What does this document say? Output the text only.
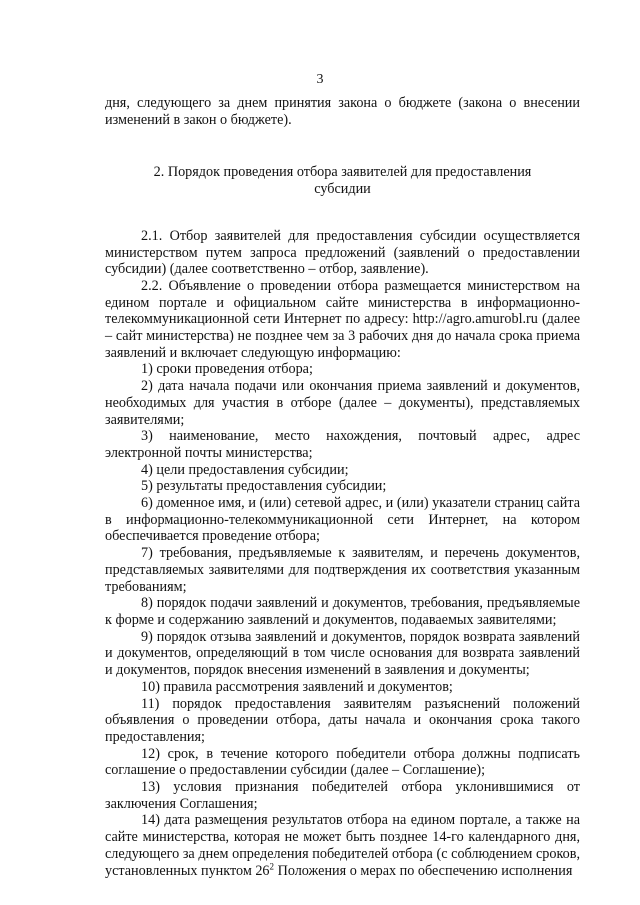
3

дня, следующего за днем принятия закона о бюджете (закона о внесении изменений в закон о бюджете).

2. Порядок проведения отбора заявителей для предоставления субсидии

2.1. Отбор заявителей для предоставления субсидии осуществляется министерством путем запроса предложений (заявлений о предоставлении субсидии) (далее соответственно – отбор, заявление).

2.2. Объявление о проведении отбора размещается министерством на едином портале и официальном сайте министерства в информационно-телекоммуникационной сети Интернет по адресу: http://agro.amurobl.ru (далее – сайт министерства) не позднее чем за 3 рабочих дня до начала срока приема заявлений и включает следующую информацию:

1) сроки проведения отбора;

2) дата начала подачи или окончания приема заявлений и документов, необходимых для участия в отборе (далее – документы), представляемых заявителями;

3) наименование, место нахождения, почтовый адрес, адрес электронной почты министерства;

4) цели предоставления субсидии;

5) результаты предоставления субсидии;

6) доменное имя, и (или) сетевой адрес, и (или) указатели страниц сайта в информационно-телекоммуникационной сети Интернет, на котором обеспечивается проведение отбора;

7) требования, предъявляемые к заявителям, и перечень документов, представляемых заявителями для подтверждения их соответствия указанным требованиям;

8) порядок подачи заявлений и документов, требования, предъявляемые к форме и содержанию заявлений и документов, подаваемых заявителями;

9) порядок отзыва заявлений и документов, порядок возврата заявлений и документов, определяющий в том числе основания для возврата заявлений и документов, порядок внесения изменений в заявления и документы;

10) правила рассмотрения заявлений и документов;

11) порядок предоставления заявителям разъяснений положений объявления о проведении отбора, даты начала и окончания срока такого предоставления;

12) срок, в течение которого победители отбора должны подписать соглашение о предоставлении субсидии (далее – Соглашение);

13) условия признания победителей отбора уклонившимися от заключения Соглашения;

14) дата размещения результатов отбора на едином портале, а также на сайте министерства, которая не может быть позднее 14-го календарного дня, следующего за днем определения победителей отбора (с соблюдением сроков, установленных пунктом $26^2$ Положения о мерах по обеспечению исполнения
